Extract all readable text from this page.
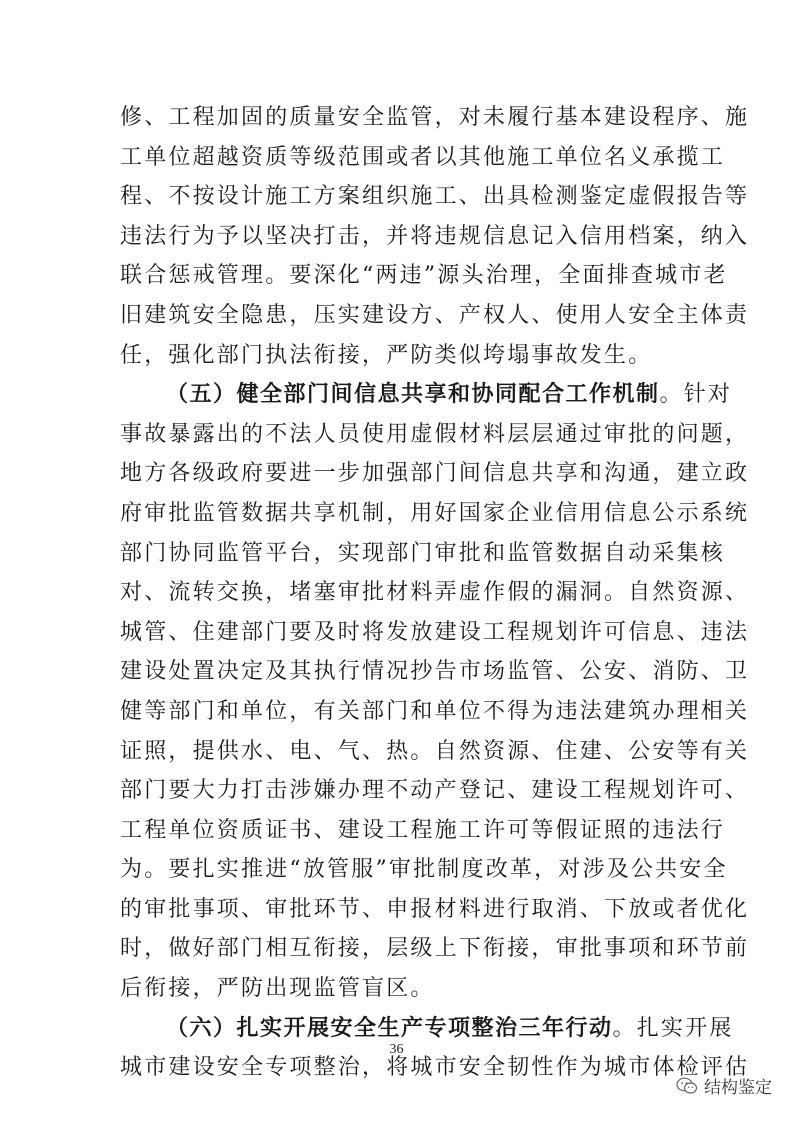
修、工程加固的质量安全监管，对未履行基本建设程序、施
工单位超越资质等级范围或者以其他施工单位名义承揽工
程、不按设计施工方案组织施工、出具检测鉴定虚假报告等
违法行为予以坚决打击，并将违规信息记入信用档案，纳入
联合惩戒管理。要深化“两违”源头治理，全面排查城市老
旧建筑安全隐患，压实建设方、产权人、使用人安全主体责
任，强化部门执法衔接，严防类似垮塌事故发生。
（五）健全部门间信息共享和协同配合工作机制。针对
事故暴露出的不法人员使用虚假材料层层通过审批的问题，
地方各级政府要进一步加强部门间信息共享和沟通，建立政
府审批监管数据共享机制，用好国家企业信用信息公示系统
部门协同监管平台，实现部门审批和监管数据自动采集核
对、流转交换，堵塞审批材料弄虚作假的漏洞。自然资源、
城管、住建部门要及时将发放建设工程规划许可信息、违法
建设处置决定及其执行情况抄告市场监管、公安、消防、卫
健等部门和单位，有关部门和单位不得为违法建筑办理相关
证照，提供水、电、气、热。自然资源、住建、公安等有关
部门要大力打击涉嫌办理不动产登记、建设工程规划许可、
工程单位资质证书、建设工程施工许可等假证照的违法行
为。要扎实推进“放管服”审批制度改革，对涉及公共安全
的审批事项、审批环节、申报材料进行取消、下放或者优化
时，做好部门相互衔接，层级上下衔接，审批事项和环节前
后衔接，严防出现监管盲区。
（六）扎实开展安全生产专项整治三年行动。扎实开展
城市建设安全专项整治，将城市安全韧性作为城市体检评估
36
结构鉴定
